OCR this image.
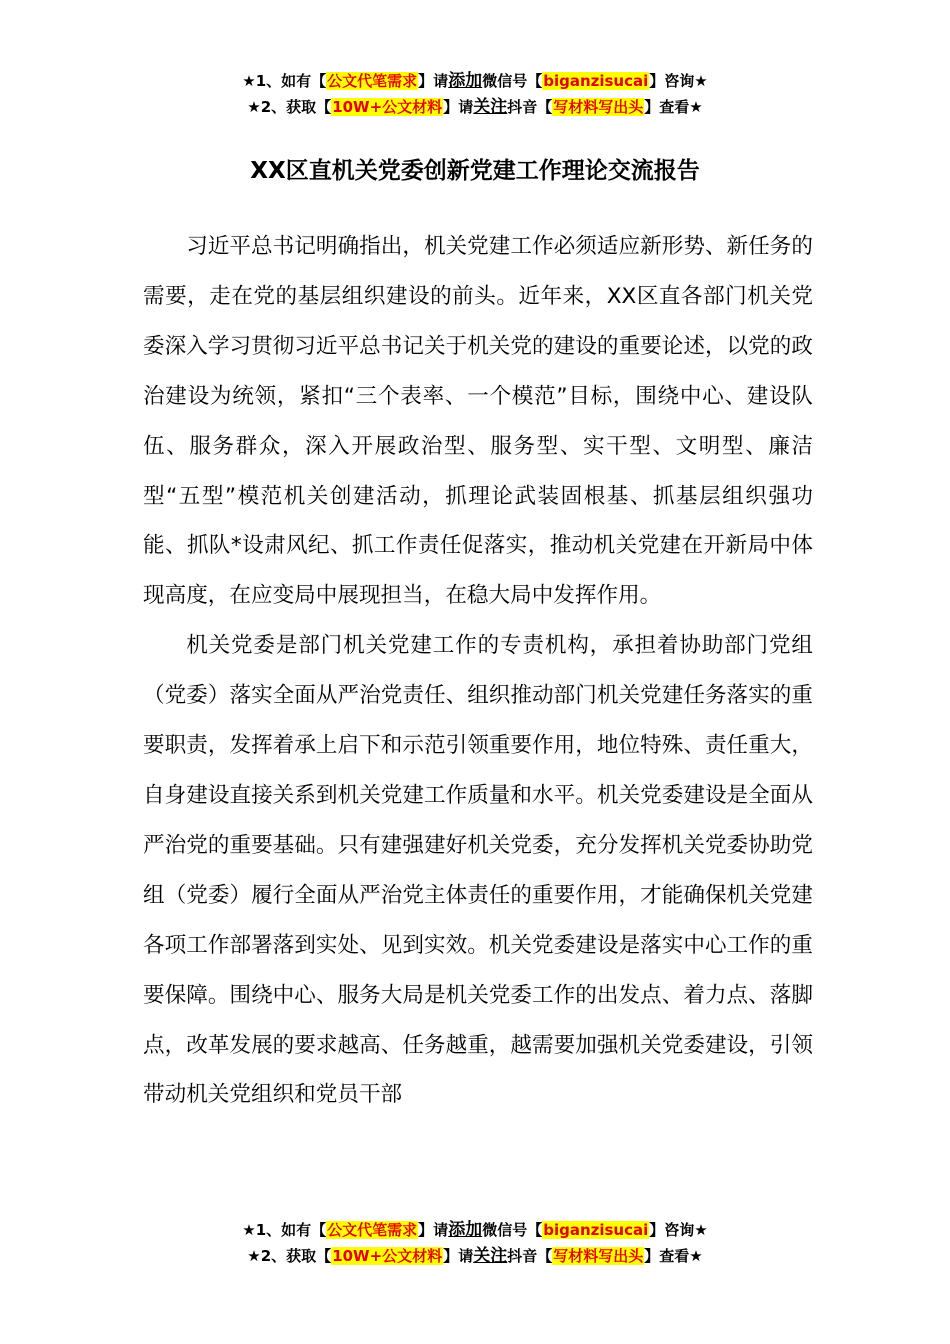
★1、如有【公文代笔需求】请添加微信号【biganzisucai】咨询★
★2、获取【10W+公文材料】请关注抖音【写材料写出头】查看★
XX区直机关党委创新党建工作理论交流报告

习近平总书记明确指出，机关党建工作必须适应新形势、新任务的需要，走在党的基层组织建设的前头。近年来，XX区直各部门机关党委深入学习贯彻习近平总书记关于机关党的建设的重要论述，以党的政治建设为统领，紧扣“三个表率、一个模范”目标，围绕中心、建设队伍、服务群众，深入开展政治型、服务型、实干型、文明型、廉洁型“五型”模范机关创建活动，抓理论武装固根基、抓基层组织强功能、抓队*设肃风纪、抓工作责任促落实，推动机关党建在开新局中体现高度，在应变局中展现担当，在稳大局中发挥作用。

机关党委是部门机关党建工作的专责机构，承担着协助部门党组（党委）落实全面从严治党责任、组织推动部门机关党建任务落实的重要职责，发挥着承上启下和示范引领重要作用，地位特殊、责任重大，自身建设直接关系到机关党建工作质量和水平。机关党委建设是全面从严治党的重要基础。只有建强建好机关党委，充分发挥机关党委协助党组（党委）履行全面从严治党主体责任的重要作用，才能确保机关党建各项工作部署落到实处、见到实效。机关党委建设是落实中心工作的重要保障。围绕中心、服务大局是机关党委工作的出发点、着力点、落脚点，改革发展的要求越高、任务越重，越需要加强机关党委建设，引领带动机关党组织和党员干部

★1、如有【公文代笔需求】请添加微信号【biganzisucai】咨询★
★2、获取【10W+公文材料】请关注抖音【写材料写出头】查看★
